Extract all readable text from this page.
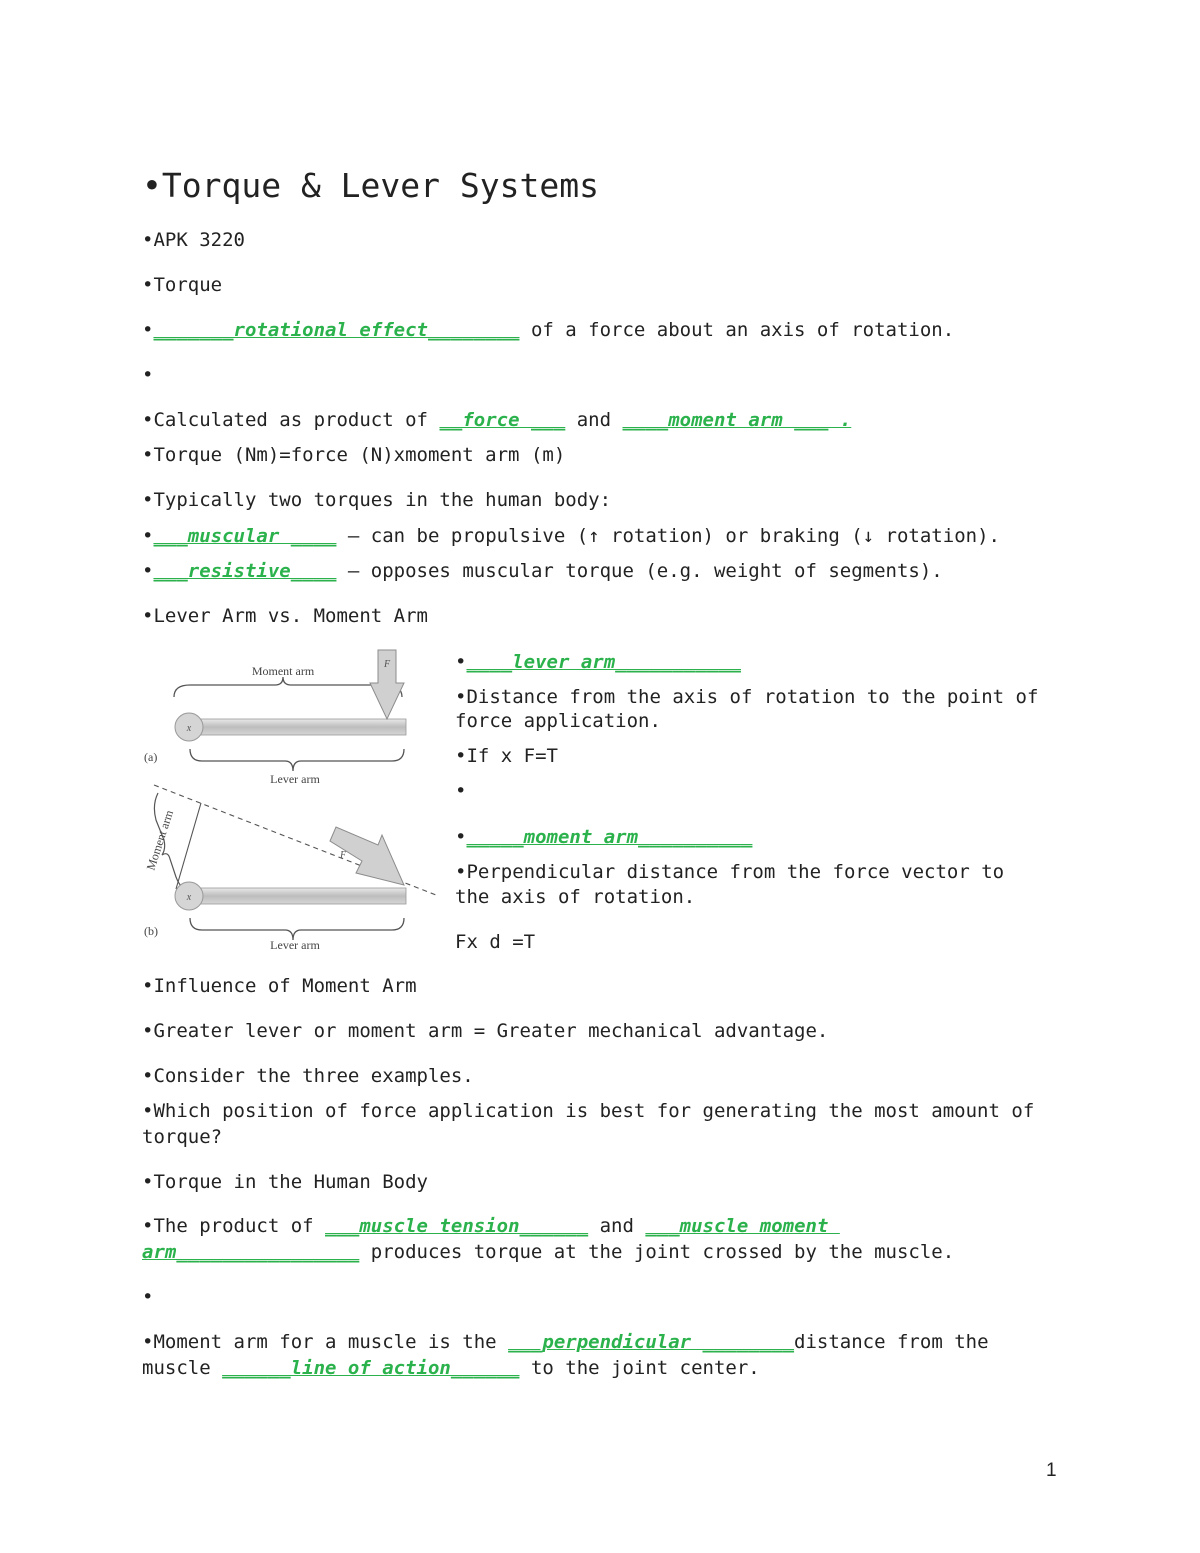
•Torque & Lever Systems
•APK 3220
•Torque
•_______rotational effect________ of a force about an axis of rotation.
•
•Calculated as product of __force ___ and ____moment arm ___ .
•Torque (Nm)=force (N)xmoment arm (m)
•Typically two torques in the human body:
•___muscular ____ – can be propulsive (↑ rotation) or braking (↓ rotation).
•___resistive____ — opposes muscular torque (e.g. weight of segments).
•Lever Arm vs. Moment Arm
Moment arm
x
F
Lever arm
(a)
Moment arm
x
F
Lever arm
(b)
•____lever arm___________
•Distance from the axis of rotation to the point of
force application.
•If x F=T
•
•_____moment arm__________
•Perpendicular distance from the force vector to
the axis of rotation.
Fx d =T
•Influence of Moment Arm
•Greater lever or moment arm = Greater mechanical advantage.
•Consider the three examples.
•Which position of force application is best for generating the most amount of
torque?
•Torque in the Human Body
•The product of ___muscle tension______ and ___muscle moment
arm________________ produces torque at the joint crossed by the muscle.
•
•Moment arm for a muscle is the ___perpendicular ________distance from the
muscle ______line of action______ to the joint center.
1
